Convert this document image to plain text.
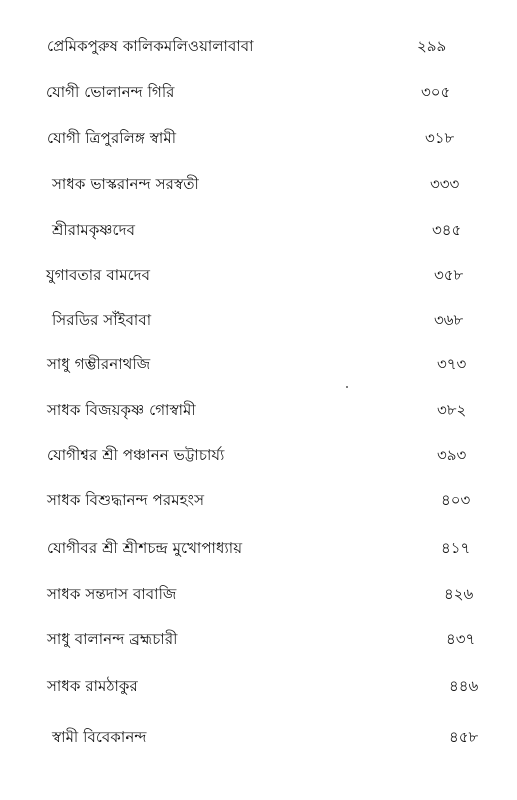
প্রেমিকপুরুষ কালিকমলিওয়ালাবাবা	২৯৯
যোগী ভোলানন্দ গিরি	৩০৫
যোগী ত্রিপুরলিঙ্গ স্বামী	৩১৮
সাধক ভাস্করানন্দ সরস্বতী	৩৩৩
শ্রীরামকৃষ্ণদেব	৩৪৫
যুগাবতার বামদেব	৩৫৮
সিরডির সাঁইবাবা	৩৬৮
সাধু গম্ভীরনাথজি	৩৭৩
সাধক বিজয়কৃষ্ণ গোস্বামী	৩৮২
যোগীশ্বর শ্রী পঞ্চানন ভট্টাচার্য্য	৩৯৩
সাধক বিশুদ্ধানন্দ পরমহংস	৪০৩
যোগীবর শ্রী শ্রীশচন্দ্র মুখোপাধ্যায়	৪১৭
সাধক সন্তদাস বাবাজি	৪২৬
সাধু বালানন্দ ব্রহ্মচারী	৪৩৭
সাধক রামঠাকুর	৪৪৬
স্বামী বিবেকানন্দ	৪৫৮
